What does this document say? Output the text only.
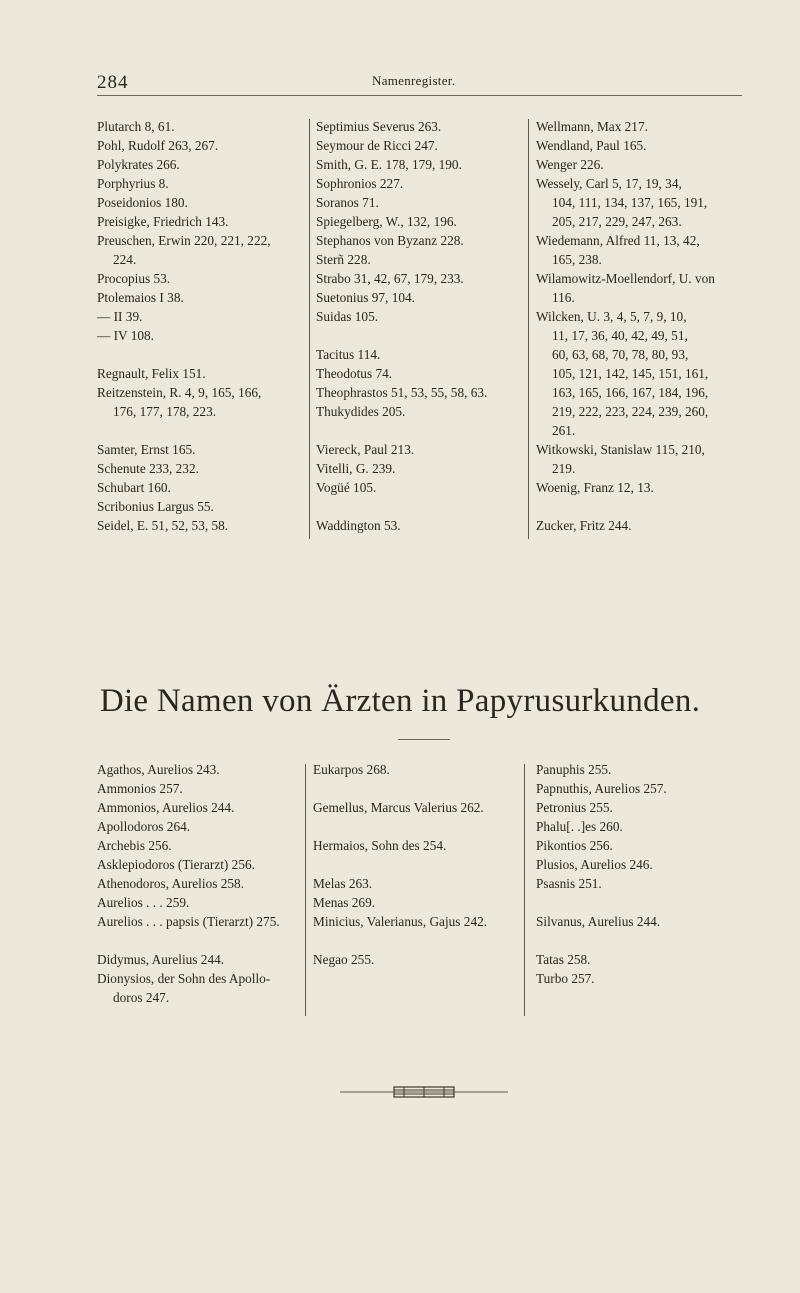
284	Namenregister.
Plutarch 8, 61.
Pohl, Rudolf 263, 267.
Polykrates 266.
Porphyrius 8.
Poseidonios 180.
Preisigke, Friedrich 143.
Preuschen, Erwin 220, 221, 222,
224.
Procopius 53.
Ptolemaios I 38.
— II 39.
— IV 108.
Regnault, Felix 151.
Reitzenstein, R. 4, 9, 165, 166,
176, 177, 178, 223.
Samter, Ernst 165.
Schenute 233, 232.
Schubart 160.
Scribonius Largus 55.
Seidel, E. 51, 52, 53, 58.
Septimius Severus 263.
Seymour de Ricci 247.
Smith, G. E. 178, 179, 190.
Sophronios 227.
Soranos 71.
Spiegelberg, W., 132, 196.
Stephanos von Byzanz 228.
Sterñ 228.
Strabo 31, 42, 67, 179, 233.
Suetonius 97, 104.
Suidas 105.
Tacitus 114.
Theodotus 74.
Theophrastos 51, 53, 55, 58, 63.
Thukydides 205.
Viereck, Paul 213.
Vitelli, G. 239.
Vogüé 105.
Waddington 53.
Wellmann, Max 217.
Wendland, Paul 165.
Wenger 226.
Wessely, Carl 5, 17, 19, 34,
104, 111, 134, 137, 165, 191,
205, 217, 229, 247, 263.
Wiedemann, Alfred 11, 13, 42,
165, 238.
Wilamowitz-Moellendorf, U. von
116.
Wilcken, U. 3, 4, 5, 7, 9, 10,
11, 17, 36, 40, 42, 49, 51,
60, 63, 68, 70, 78, 80, 93,
105, 121, 142, 145, 151, 161,
163, 165, 166, 167, 184, 196,
219, 222, 223, 224, 239, 260,
261.
Witkowski, Stanislaw 115, 210,
219.
Woenig, Franz 12, 13.
Zucker, Fritz 244.
Die Namen von Ärzten in Papyrusurkunden.
Agathos, Aurelios 243.
Ammonios 257.
Ammonios, Aurelios 244.
Apollodoros 264.
Archebis 256.
Asklepiodoros (Tierarzt) 256.
Athenodoros, Aurelios 258.
Aurelios . . . 259.
Aurelios . . . papsis (Tierarzt) 275.
Didymus, Aurelius 244.
Dionysios, der Sohn des Apollo-
doros 247.
Eukarpos 268.
Gemellus, Marcus Valerius 262.
Hermaios, Sohn des 254.
Melas 263.
Menas 269.
Minicius, Valerianus, Gajus 242.
Negao 255.
Panuphis 255.
Papnuthis, Aurelios 257.
Petronius 255.
Phalu[. .]es 260.
Pikontios 256.
Plusios, Aurelios 246.
Psasnis 251.
Silvanus, Aurelius 244.
Tatas 258.
Turbo 257.
